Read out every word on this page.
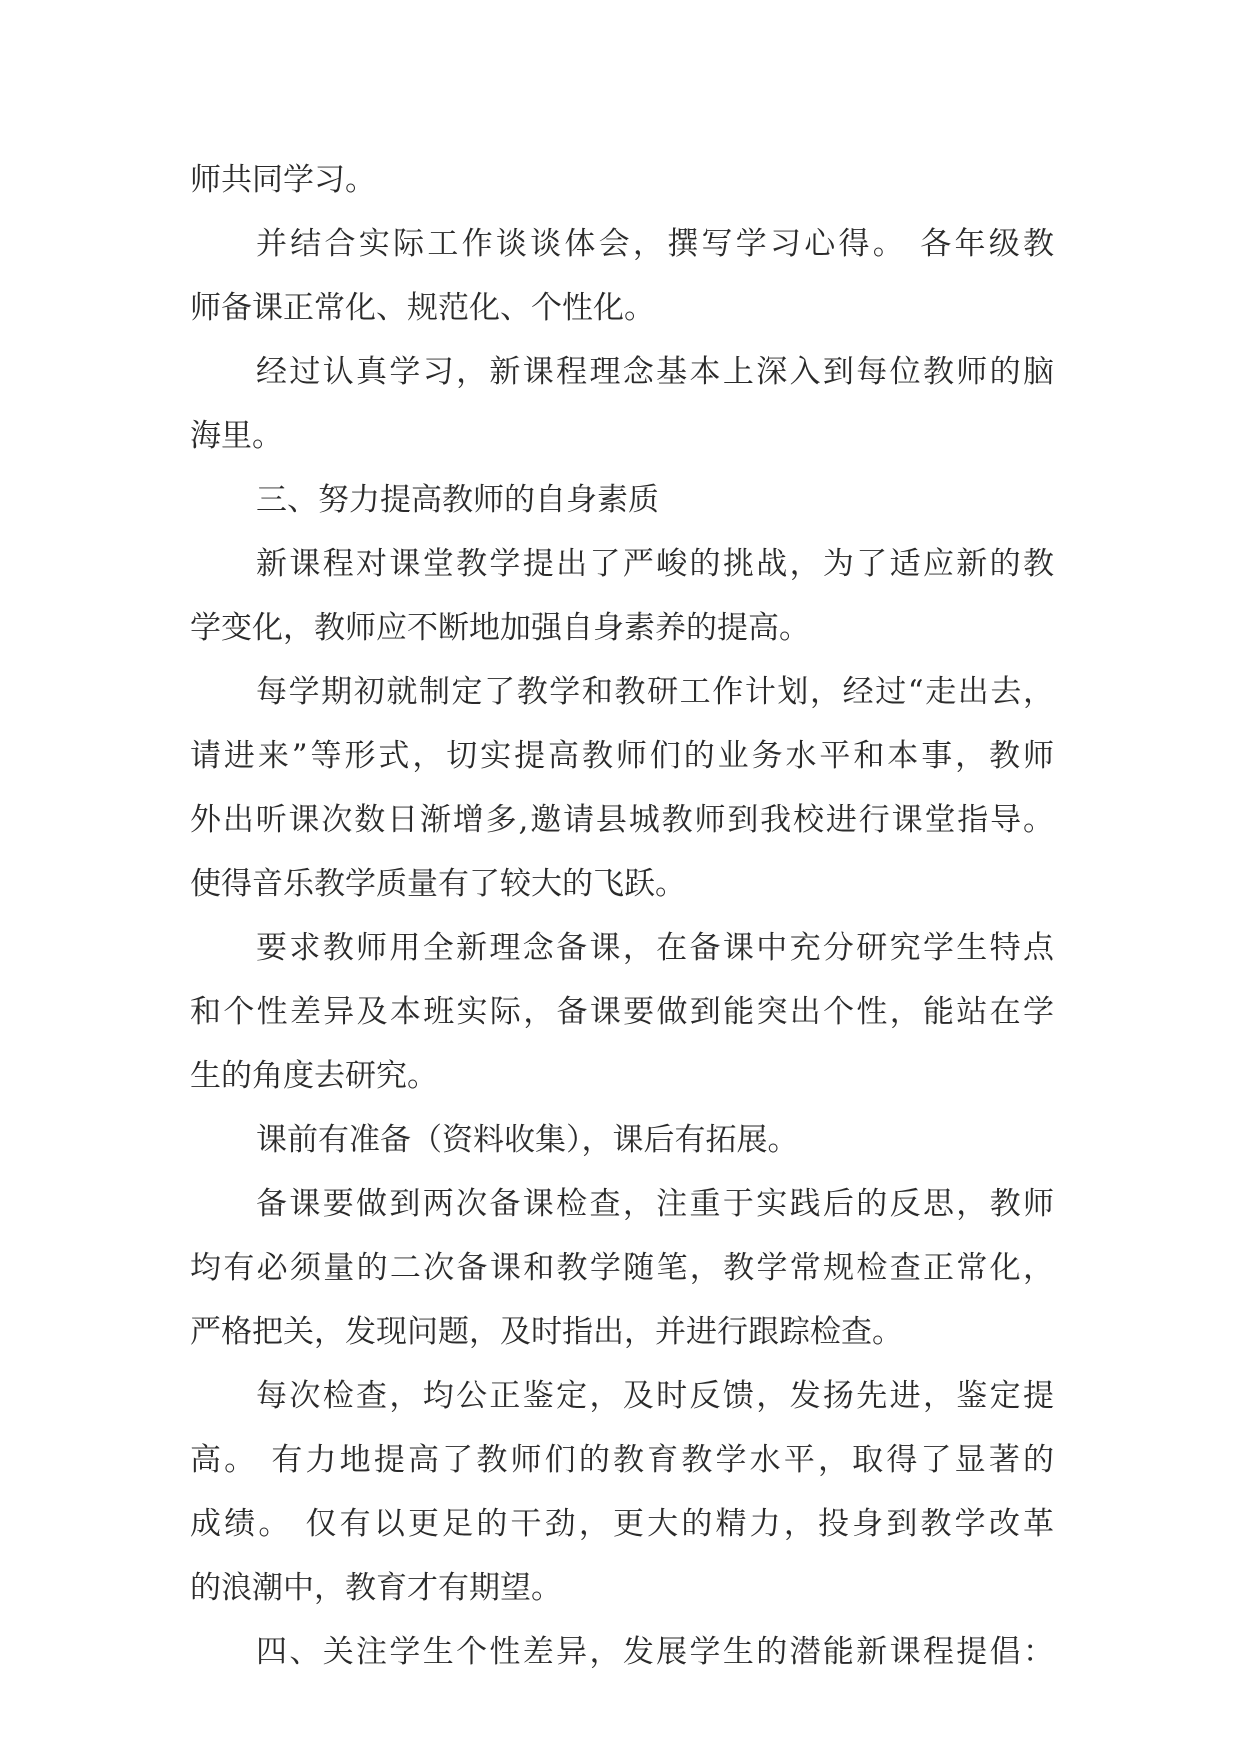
师共同学习。
并结合实际工作谈谈体会，撰写学习心得。 各年级教
师备课正常化、规范化、个性化。
经过认真学习，新课程理念基本上深入到每位教师的脑
海里。
三、努力提高教师的自身素质
新课程对课堂教学提出了严峻的挑战，为了适应新的教
学变化，教师应不断地加强自身素养的提高。
每学期初就制定了教学和教研工作计划，经过“走出去，
请进来”等形式，切实提高教师们的业务水平和本事，教师
外出听课次数日渐增多,邀请县城教师到我校进行课堂指导。
使得音乐教学质量有了较大的飞跃。
要求教师用全新理念备课，在备课中充分研究学生特点
和个性差异及本班实际，备课要做到能突出个性，能站在学
生的角度去研究。
课前有准备（资料收集），课后有拓展。
备课要做到两次备课检查，注重于实践后的反思，教师
均有必须量的二次备课和教学随笔，教学常规检查正常化，
严格把关，发现问题，及时指出，并进行跟踪检查。
每次检查，均公正鉴定，及时反馈，发扬先进，鉴定提
高。 有力地提高了教师们的教育教学水平，取得了显著的
成绩。 仅有以更足的干劲，更大的精力，投身到教学改革
的浪潮中，教育才有期望。
四、关注学生个性差异，发展学生的潜能新课程提倡：
